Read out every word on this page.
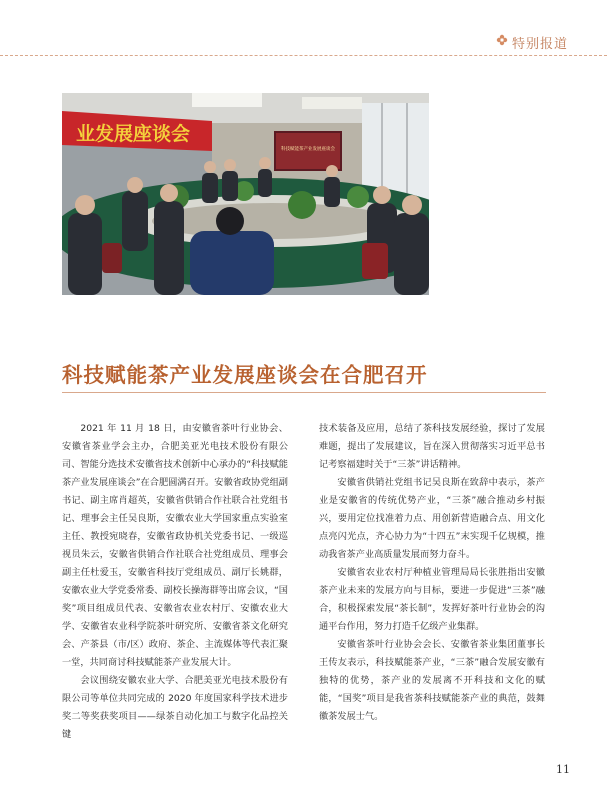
特别报道
业发展座谈会
科技赋能茶产业发展座谈会
科技赋能茶产业发展座谈会在合肥召开

2021 年 11 月 18 日，由安徽省茶叶行业协会、安徽省茶业学会主办，合肥美亚光电技术股份有限公司、智能分选技术安徽省技术创新中心承办的“科技赋能茶产业发展座谈会”在合肥圆满召开。安徽省政协党组副书记、副主席肖超英，安徽省供销合作社联合社党组书记、理事会主任吴良斯，安徽农业大学国家重点实验室主任、教授宛晓春，安徽省政协机关党委书记、一级巡视员朱云，安徽省供销合作社联合社党组成员、理事会副主任杜爱玉，安徽省科技厅党组成员、副厅长姚群，安徽农业大学党委常委、副校长操海群等出席会议，“国奖”项目组成员代表、安徽省农业农村厅、安徽农业大学、安徽省农业科学院茶叶研究所、安徽省茶文化研究会、产茶县（市/区）政府、茶企、主流媒体等代表汇聚一堂，共同商讨科技赋能茶产业发展大计。

会议围绕安徽农业大学、合肥美亚光电技术股份有限公司等单位共同完成的 2020 年度国家科学技术进步奖二等奖获奖项目——绿茶自动化加工与数字化品控关键

技术装备及应用，总结了茶科技发展经验，探讨了发展难题，提出了发展建议，旨在深入贯彻落实习近平总书记考察福建时关于“三茶”讲话精神。

安徽省供销社党组书记吴良斯在致辞中表示，茶产业是安徽省的传统优势产业，“三茶”融合推动乡村振兴，要用定位找准着力点、用创新营造融合点、用文化点亮闪光点，齐心协力为“十四五”末实现千亿规模，推动我省茶产业高质量发展而努力奋斗。

安徽省农业农村厅种植业管理局局长张胜指出安徽茶产业未来的发展方向与目标，要进一步促进“三茶”融合，积极探索发展“茶长制”，发挥好茶叶行业协会的沟通平台作用，努力打造千亿级产业集群。

安徽省茶叶行业协会会长、安徽省茶业集团董事长王传友表示，科技赋能茶产业，“三茶”融合发展安徽有独特的优势，茶产业的发展离不开科技和文化的赋能，“国奖”项目是我省茶科技赋能茶产业的典范，鼓舞徽茶发展士气。

11
